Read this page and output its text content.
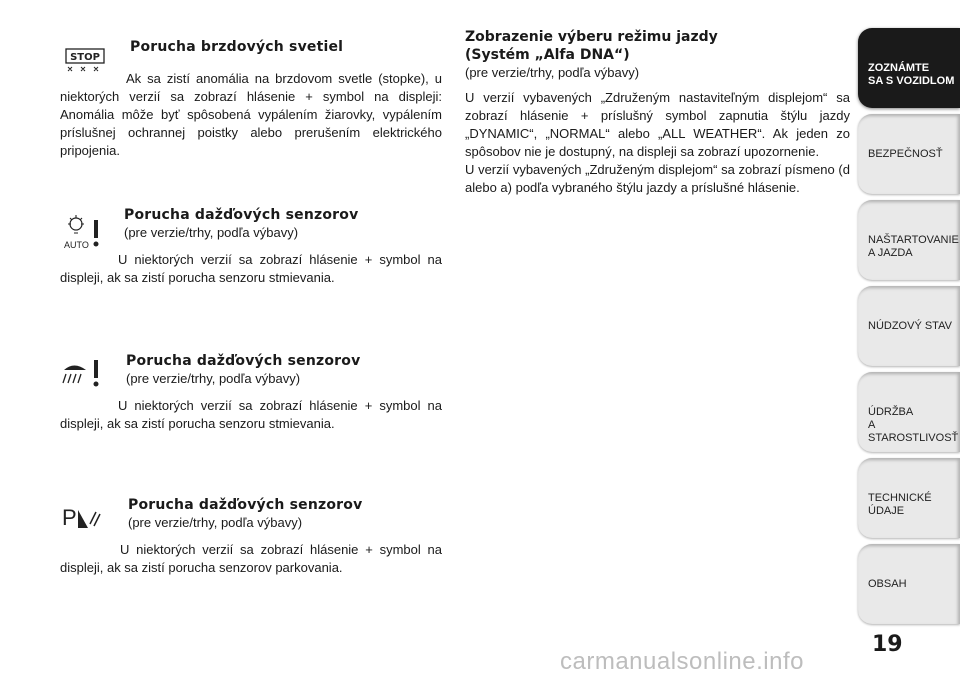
STOP
Porucha brzdových svetiel
Ak sa zistí anomália na brzdovom svetle (stopke), u niektorých verzií sa zobrazí hlásenie + symbol na displeji: Anomália môže byť spôsobená vypálením žiarovky, vypálením príslušnej ochrannej poistky alebo prerušením elektrického pripojenia.
AUTO
Porucha dažďových senzorov
(pre verzie/trhy, podľa výbavy)
U niektorých verzií sa zobrazí hlásenie + symbol na displeji, ak sa zistí porucha senzoru stmievania.
Porucha dažďových senzorov
(pre verzie/trhy, podľa výbavy)
U niektorých verzií sa zobrazí hlásenie + symbol na displeji, ak sa zistí porucha senzoru stmievania.
P	Porucha dažďových senzorov
(pre verzie/trhy, podľa výbavy)
U niektorých verzií sa zobrazí hlásenie + symbol na displeji, ak sa zistí porucha senzorov parkovania.
Zobrazenie výberu režimu jazdy
(Systém „Alfa DNA“)
(pre verzie/trhy, podľa výbavy)
U verzií vybavených „Združeným nastaviteľným displejom“ sa zobrazí hlásenie + príslušný symbol zapnutia štýlu jazdy „DYNAMIC“, „NORMAL“ alebo „ALL WEATHER“. Ak jeden zo spôsobov nie je dostupný, na displeji sa zobrazí upozornenie.
U verzií vybavených „Združeným displejom“ sa zobrazí písmeno (d alebo a) podľa vybraného štýlu jazdy a príslušné hlásenie.
ZOZNÁMTE
SA S VOZIDLOM
BEZPEČNOSŤ
NAŠTARTOVANIE
A JAZDA
NÚDZOVÝ STAV
ÚDRŽBA
A STAROSTLIVOSŤ
TECHNICKÉ
ÚDAJE
OBSAH
19
carmanualsonline.info
